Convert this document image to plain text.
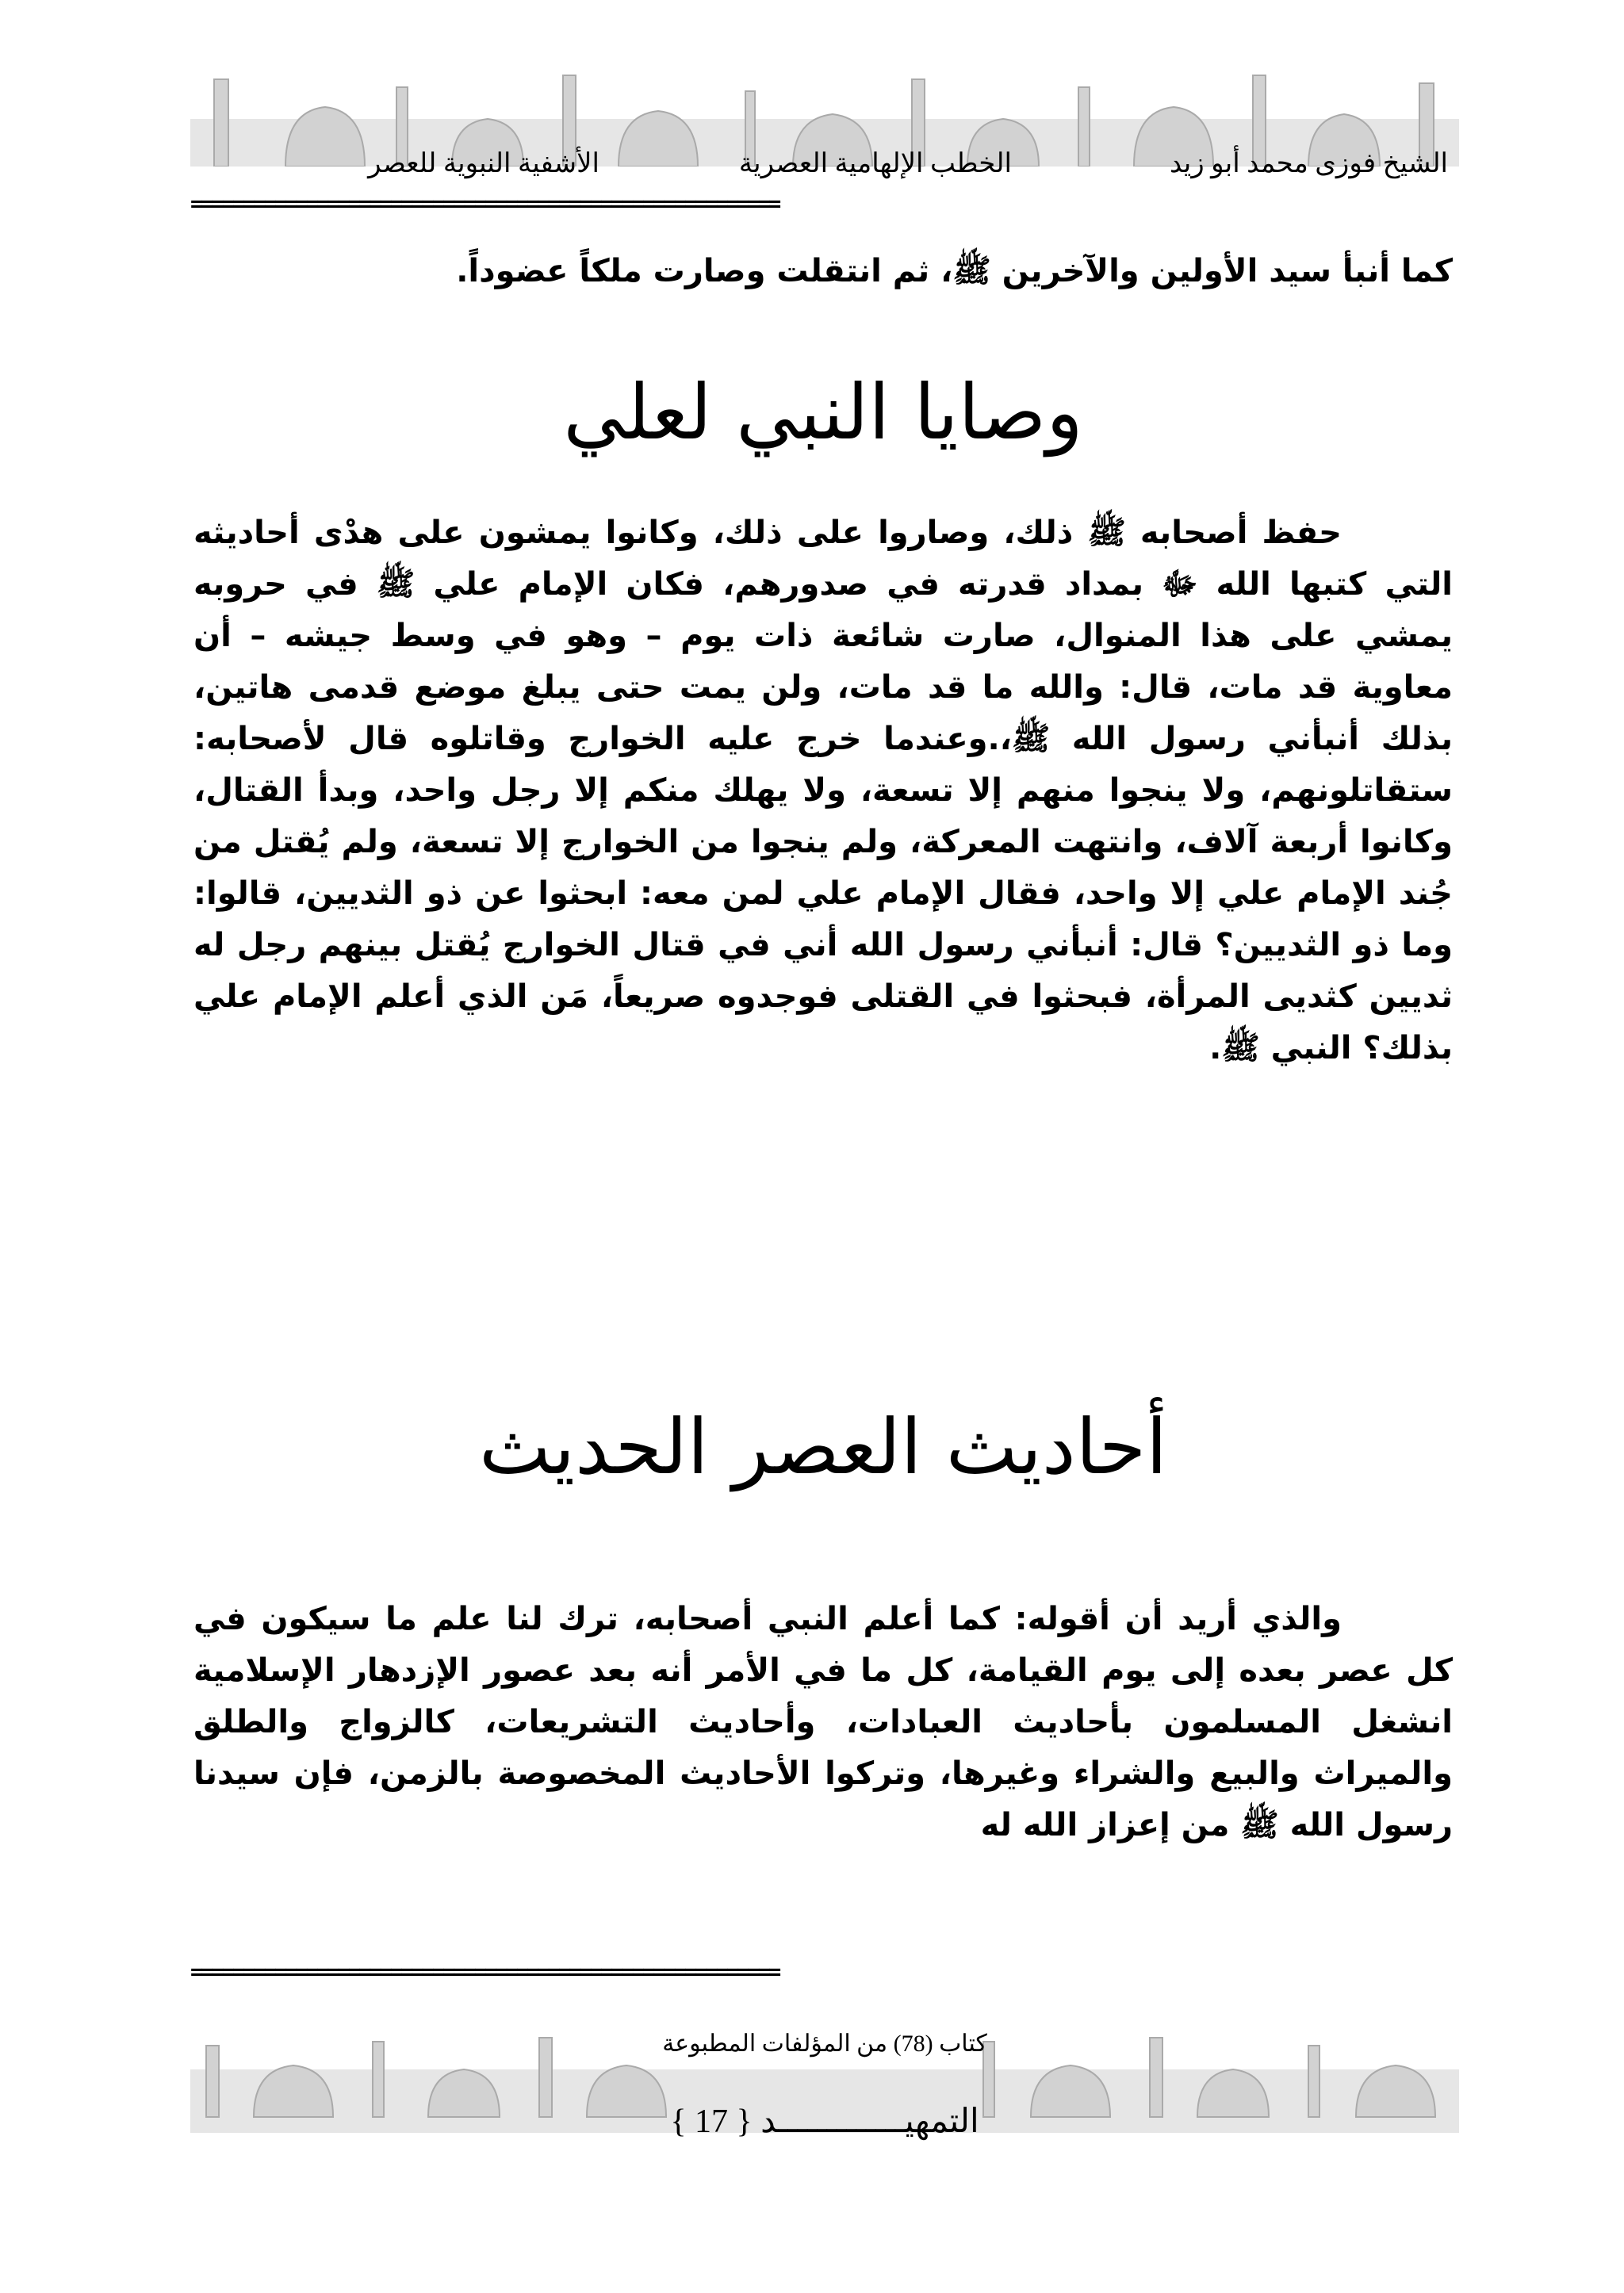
الشيخ فوزى محمد أبو زيد
الخطب الإلهامية العصرية
الأشفية النبوية للعصر
========================================================

كما أنبأ سيد الأولين والآخرين ﷺ، ثم انتقلت وصارت ملكاً عضوداً.

وصايا النبي لعلي

حفظ أصحابه ﷺ ذلك، وصاروا على ذلك، وكانوا يمشون على هدْى أحاديثه التي كتبها الله ﷻ بمداد قدرته في صدورهم، فكان الإمام علي ﷺ في حروبه يمشي على هذا المنوال، صارت شائعة ذات يوم – وهو في وسط جيشه – أن معاوية قد مات، قال: والله ما قد مات، ولن يمت حتى يبلغ موضع قدمى هاتين، بذلك أنبأني رسول الله ﷺ،.وعندما خرج عليه الخوارج وقاتلوه قال لأصحابه: ستقاتلونهم، ولا ينجوا منهم إلا تسعة، ولا يهلك منكم إلا رجل واحد، وبدأ القتال، وكانوا أربعة آلاف، وانتهت المعركة، ولم ينجوا من الخوارج إلا تسعة، ولم يُقتل من جُند الإمام علي إلا واحد، فقال الإمام علي لمن معه: ابحثوا عن ذو الثديين، قالوا: وما ذو الثديين؟ قال: أنبأني رسول الله أني في قتال الخوارج يُقتل بينهم رجل له ثديين كثديى المرأة، فبحثوا في القتلى فوجدوه صريعاً، مَن الذي أعلم الإمام علي بذلك؟ النبي ﷺ.

أحاديث العصر الحديث

والذي أريد أن أقوله: كما أعلم النبي أصحابه، ترك لنا علم ما سيكون في كل عصر بعده إلى يوم القيامة، كل ما في الأمر أنه بعد عصور الإزدهار الإسلامية انشغل المسلمون بأحاديث العبادات، وأحاديث التشريعات، كالزواج والطلق والميراث والبيع والشراء وغيرها، وتركوا الأحاديث المخصوصة بالزمن، فإن سيدنا رسول الله ﷺ من إعزاز الله له

========================================================
كتاب (78) من المؤلفات المطبوعة
التمهيـــــــــــــد { 17 }
